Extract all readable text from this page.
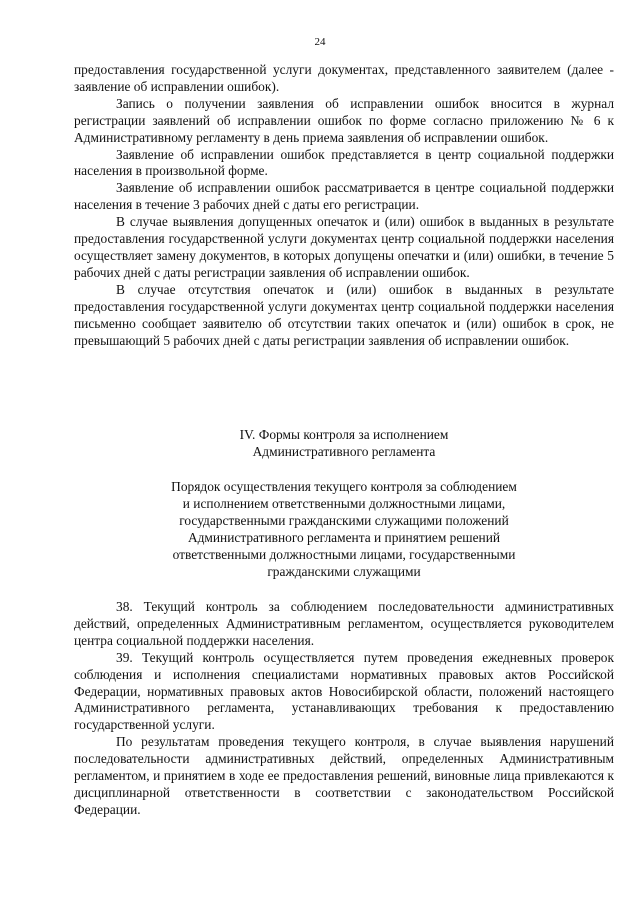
24

предоставления государственной услуги документах, представленного заявителем (далее - заявление об исправлении ошибок).

Запись о получении заявления об исправлении ошибок вносится в журнал регистрации заявлений об исправлении ошибок по форме согласно приложению № 6 к Административному регламенту в день приема заявления об исправлении ошибок.

Заявление об исправлении ошибок представляется в центр социальной поддержки населения в произвольной форме.

Заявление об исправлении ошибок рассматривается в центре социальной поддержки населения в течение 3 рабочих дней с даты его регистрации.

В случае выявления допущенных опечаток и (или) ошибок в выданных в результате предоставления государственной услуги документах центр социальной поддержки населения осуществляет замену документов, в которых допущены опечатки и (или) ошибки, в течение 5 рабочих дней с даты регистрации заявления об исправлении ошибок.

В случае отсутствия опечаток и (или) ошибок в выданных в результате предоставления государственной услуги документах центр социальной поддержки населения письменно сообщает заявителю об отсутствии таких опечаток и (или) ошибок в срок, не превышающий 5 рабочих дней с даты регистрации заявления об исправлении ошибок.

IV. Формы контроля за исполнением
Административного регламента
Порядок осуществления текущего контроля за соблюдением
и исполнением ответственными должностными лицами,
государственными гражданскими служащими положений
Административного регламента и принятием решений
ответственными должностными лицами, государственными
гражданскими служащими

38. Текущий контроль за соблюдением последовательности административных действий, определенных Административным регламентом, осуществляется руководителем центра социальной поддержки населения.

39. Текущий контроль осуществляется путем проведения ежедневных проверок соблюдения и исполнения специалистами нормативных правовых актов Российской Федерации, нормативных правовых актов Новосибирской области, положений настоящего Административного регламента, устанавливающих требования к предоставлению государственной услуги.

По результатам проведения текущего контроля, в случае выявления нарушений последовательности административных действий, определенных Административным регламентом, и принятием в ходе ее предоставления решений, виновные лица привлекаются к дисциплинарной ответственности в соответствии с законодательством Российской Федерации.
